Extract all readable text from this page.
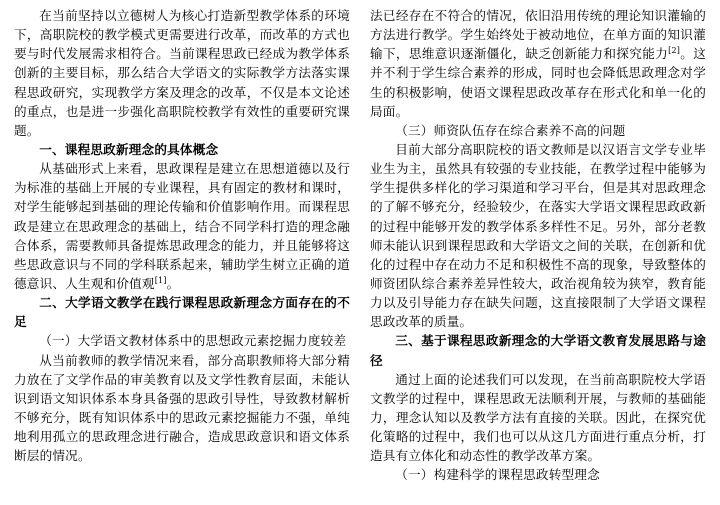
在当前坚持以立德树人为核心打造新型教学体系的环境下，高职院校的教学模式更需要进行改革，而改革的方式也要与时代发展需求相符合。当前课程思政已经成为教学体系创新的主要目标，那么结合大学语文的实际教学方法落实课程思政研究，实现教学方案及理念的改革，不仅是本文论述的重点，也是进一步强化高职院校教学有效性的重要研究课题。

一、课程思政新理念的具体概念

从基础形式上来看，思政课程是建立在思想道德以及行为标准的基础上开展的专业课程，具有固定的教材和课时，对学生能够起到基础的理论传输和价值影响作用。而课程思政是建立在思政理念的基础上，结合不同学科打造的理念融合体系，需要教师具备提炼思政理念的能力，并且能够将这些思政意识与不同的学科联系起来，辅助学生树立正确的道德意识、人生观和价值观[1]。

二、大学语文教学在践行课程思政新理念方面存在的不足

（一）大学语文教材体系中的思想政元素挖掘力度较差

从当前教师的教学情况来看，部分高职教师将大部分精力放在了文学作品的审美教育以及文学性教育层面，未能认识到语文知识体系本身具备强的思政引导性，导致教材解析不够充分，既有知识体系中的思政元素挖掘能力不强，单纯地利用孤立的思政理念进行融合，造成思政意识和语文体系断层的情况。

法已经存在不符合的情况，依旧沿用传统的理论知识灌输的方法进行教学。学生始终处于被动地位，在单方面的知识灌输下，思维意识逐渐僵化，缺乏创新能力和探究能力[2]。这并不利于学生综合素养的形成，同时也会降低思政理念对学生的积极影响，使语文课程思政改革存在形式化和单一化的局面。

（三）师资队伍存在综合素养不高的问题

目前大部分高职院校的语文教师是以汉语言文学专业毕业生为主，虽然具有较强的专业技能，在教学过程中能够为学生提供多样化的学习渠道和学习平台，但是其对思政理念的了解不够充分，经验较少，在落实大学语文课程思政政新的过程中能够开发的教学体系多样性不足。另外，部分老教师未能认识到课程思政和大学语文之间的关联，在创新和优化的过程中存在动力不足和积极性不高的现象，导致整体的师资团队综合素养差异性较大，政治视角较为狭窄，教育能力以及引导能力存在缺失问题，这直接限制了大学语文课程思政改革的质量。

三、基于课程思政新理念的大学语文教育发展思路与途径

通过上面的论述我们可以发现，在当前高职院校大学语文教学的过程中，课程思政无法顺利开展，与教师的基础能力，理念认知以及教学方法有直接的关联。因此，在探究优化策略的过程中，我们也可以从这几方面进行重点分析，打造具有立体化和动态性的教学改革方案。

（一）构建科学的课程思政转型理念
